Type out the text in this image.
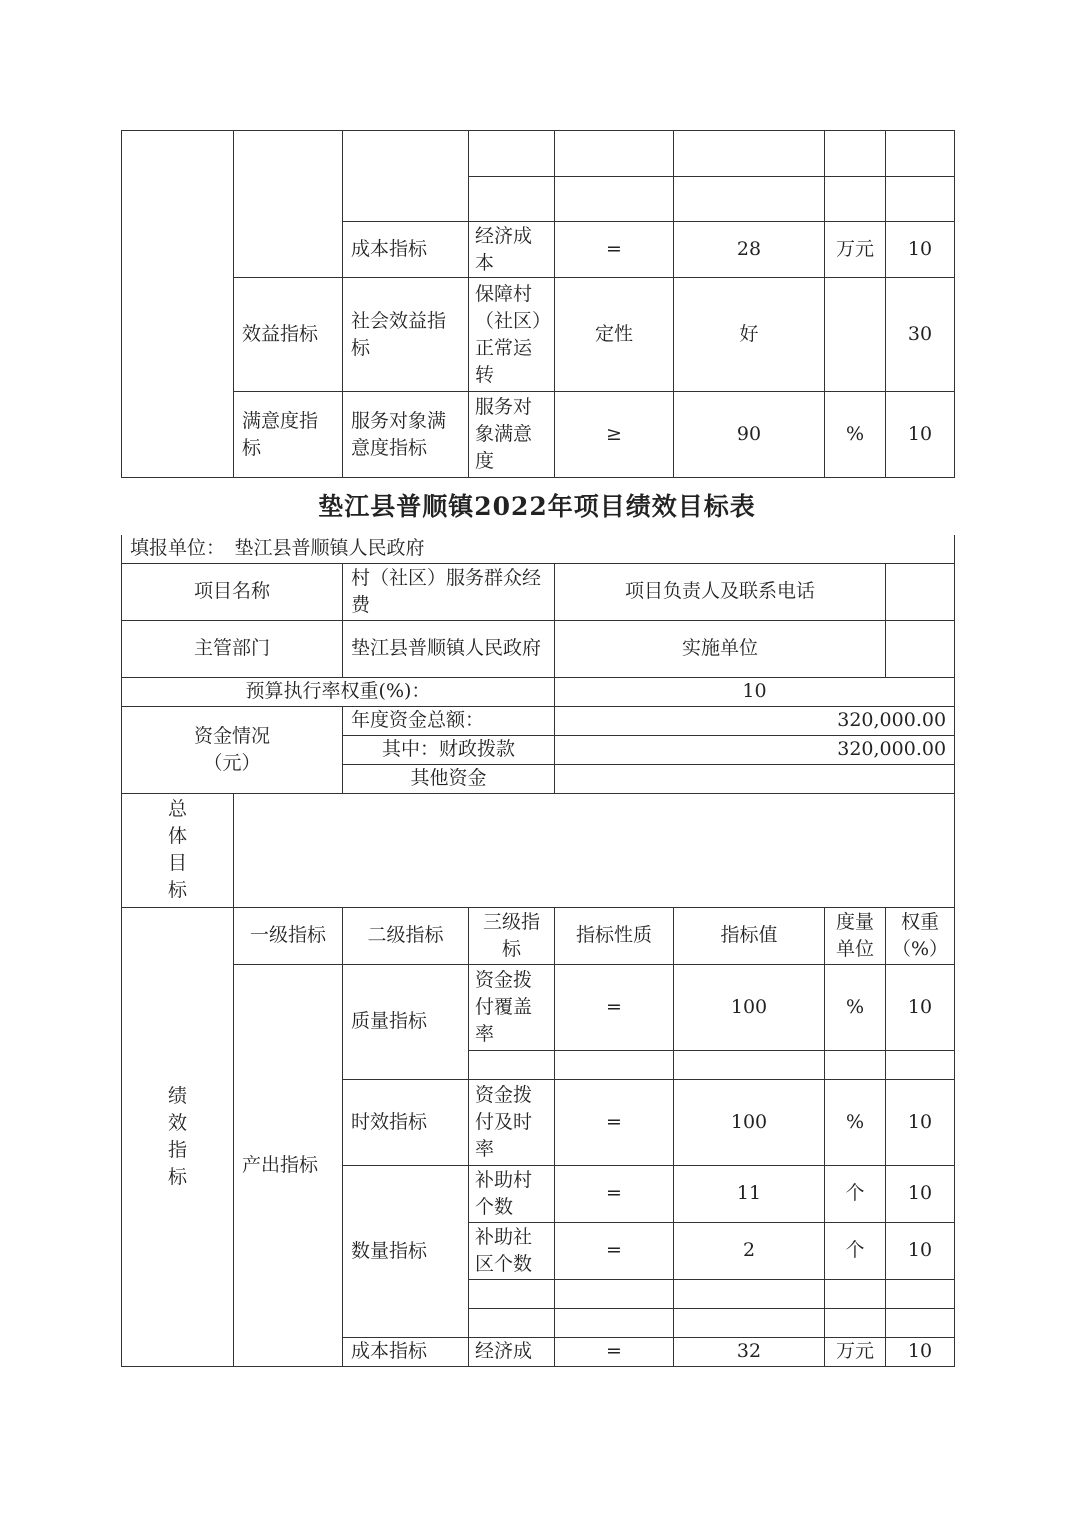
		成本指标	经济成本	=	28	万元	10
	效益指标	社会效益指标	保障村（社区）正常运转	定性	好		30
	满意度指标	服务对象满意度指标	服务对象满意度	≥	90	%	10
垫江县普顺镇2022年项目绩效目标表
填报单位：　垫江县普顺镇人民政府							
项目名称		村（社区）服务群众经费		项目负责人及联系电话			
主管部门		垫江县普顺镇人民政府		实施单位			
预算执行率权重(%)：				10			

资金情况
（元）		年度资金总额：		320,000.00			
		其中：财政拨款		320,000.00			
		其他资金					

总
体
目
标							

绩
效
指
标	一级指标	二级指标	三级指标	指标性质	指标值	度量单位	权重（%）
	产出指标	质量指标	资金拨付覆盖率	=	100	%	10

		时效指标	资金拨付及时率	=	100	%	10
		数量指标	补助村个数	=	11	个	10
			补助社区个数	=	2	个	10

		成本指标	经济成	=	32	万元	10
